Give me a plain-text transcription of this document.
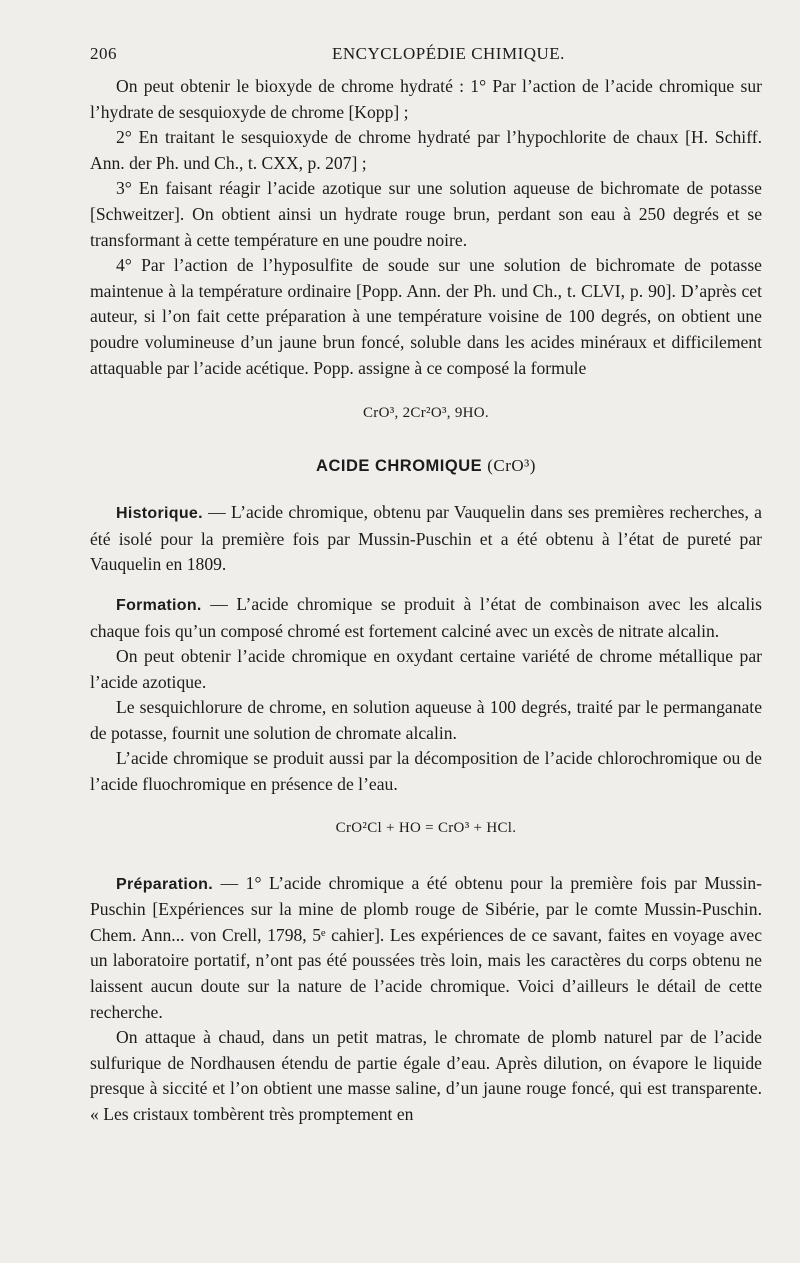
206	ENCYCLOPÉDIE CHIMIQUE.

On peut obtenir le bioxyde de chrome hydraté : 1° Par l’action de l’acide chromique sur l’hydrate de sesquioxyde de chrome [Kopp] ;

2° En traitant le sesquioxyde de chrome hydraté par l’hypochlorite de chaux [H. Schiff. Ann. der Ph. und Ch., t. CXX, p. 207] ;

3° En faisant réagir l’acide azotique sur une solution aqueuse de bichromate de potasse [Schweitzer]. On obtient ainsi un hydrate rouge brun, perdant son eau à 250 degrés et se transformant à cette température en une poudre noire.

4° Par l’action de l’hyposulfite de soude sur une solution de bichromate de potasse maintenue à la température ordinaire [Popp. Ann. der Ph. und Ch., t. CLVI, p. 90]. D’après cet auteur, si l’on fait cette préparation à une température voisine de 100 degrés, on obtient une poudre volumineuse d’un jaune brun foncé, soluble dans les acides minéraux et difficilement attaquable par l’acide acétique. Popp. assigne à ce composé la formule

CrO³, 2Cr²O³, 9HO.
ACIDE CHROMIQUE (CrO³)

Historique. — L’acide chromique, obtenu par Vauquelin dans ses premières recherches, a été isolé pour la première fois par Mussin-Puschin et a été obtenu à l’état de pureté par Vauquelin en 1809.

Formation. — L’acide chromique se produit à l’état de combinaison avec les alcalis chaque fois qu’un composé chromé est fortement calciné avec un excès de nitrate alcalin.

On peut obtenir l’acide chromique en oxydant certaine variété de chrome métallique par l’acide azotique.

Le sesquichlorure de chrome, en solution aqueuse à 100 degrés, traité par le permanganate de potasse, fournit une solution de chromate alcalin.

L’acide chromique se produit aussi par la décomposition de l’acide chlorochromique ou de l’acide fluochromique en présence de l’eau.

CrO²Cl + HO = CrO³ + HCl.

Préparation. — 1° L’acide chromique a été obtenu pour la première fois par Mussin-Puschin [Expériences sur la mine de plomb rouge de Sibérie, par le comte Mussin-Puschin. Chem. Ann... von Crell, 1798, 5ᵉ cahier]. Les expériences de ce savant, faites en voyage avec un laboratoire portatif, n’ont pas été poussées très loin, mais les caractères du corps obtenu ne laissent aucun doute sur la nature de l’acide chromique. Voici d’ailleurs le détail de cette recherche.

On attaque à chaud, dans un petit matras, le chromate de plomb naturel par de l’acide sulfurique de Nordhausen étendu de partie égale d’eau. Après dilution, on évapore le liquide presque à siccité et l’on obtient une masse saline, d’un jaune rouge foncé, qui est transparente. « Les cristaux tombèrent très promptement en
